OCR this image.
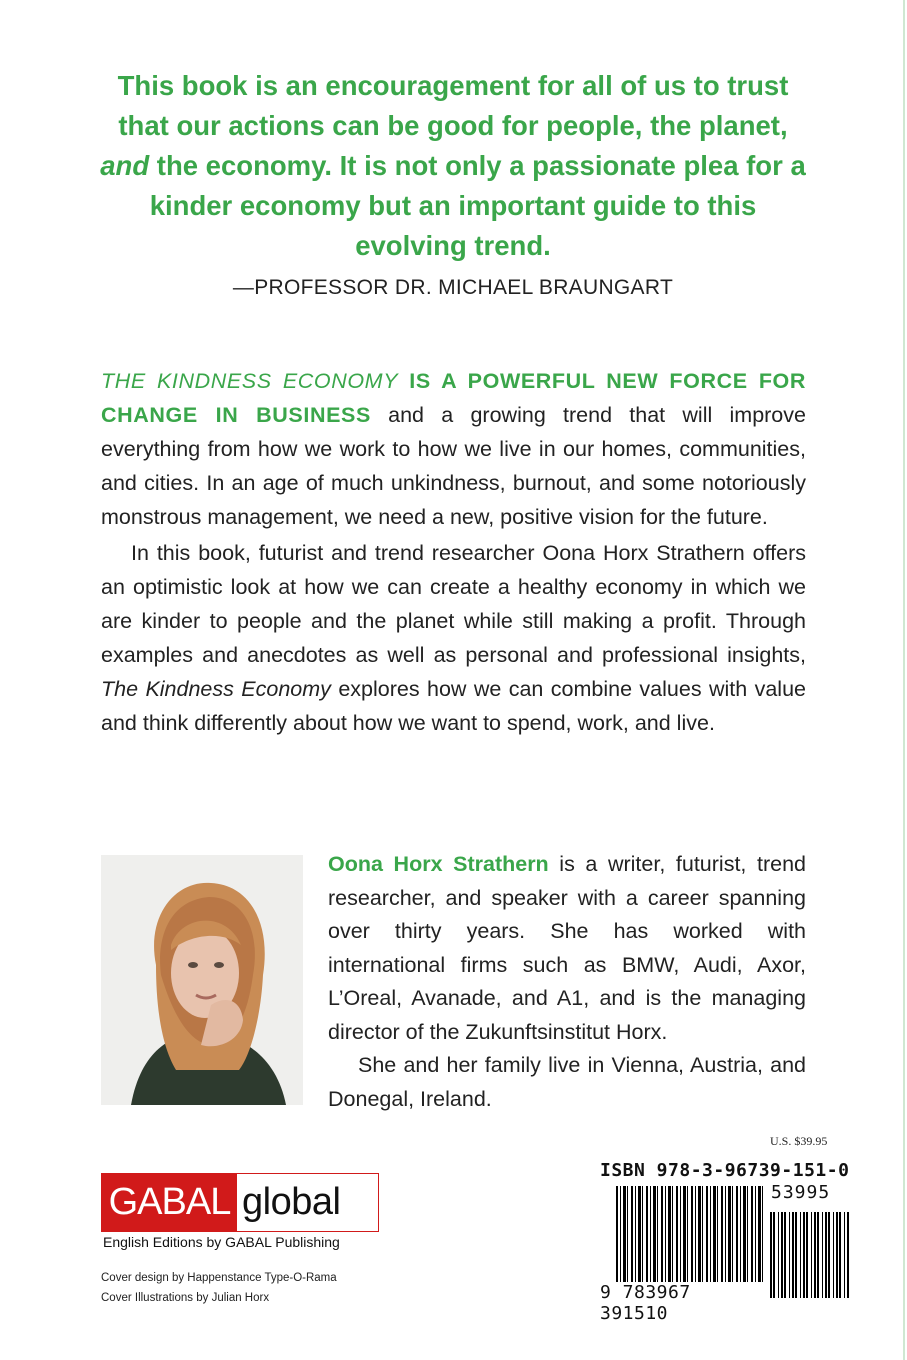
This book is an encouragement for all of us to trust that our actions can be good for people, the planet, and the economy. It is not only a passionate plea for a kinder economy but an important guide to this evolving trend.
—PROFESSOR DR. MICHAEL BRAUNGART

THE KINDNESS ECONOMY IS A POWERFUL NEW FORCE FOR CHANGE IN BUSINESS and a growing trend that will improve everything from how we work to how we live in our homes, communities, and cities. In an age of much unkindness, burnout, and some notoriously monstrous management, we need a new, positive vision for the future.

In this book, futurist and trend researcher Oona Horx Strathern offers an optimistic look at how we can create a healthy economy in which we are kinder to people and the planet while still making a profit. Through examples and anecdotes as well as personal and professional insights, The Kindness Economy explores how we can combine values with value and think differently about how we want to spend, work, and live.

Oona Horx Strathern is a writer, futurist, trend researcher, and speaker with a career spanning over thirty years. She has worked with international firms such as BMW, Audi, Axor, L’Oreal, Avanade, and A1, and is the managing director of the Zukunftsinstitut Horx.

She and her family live in Vienna, Austria, and Donegal, Ireland.

U.S. $39.95
GABAL global
English Editions by GABAL Publishing
Cover design by Happenstance Type-O-Rama
Cover Illustrations by Julian Horx
ISBN 978-3-96739-151-0
53995
9 783967 391510
